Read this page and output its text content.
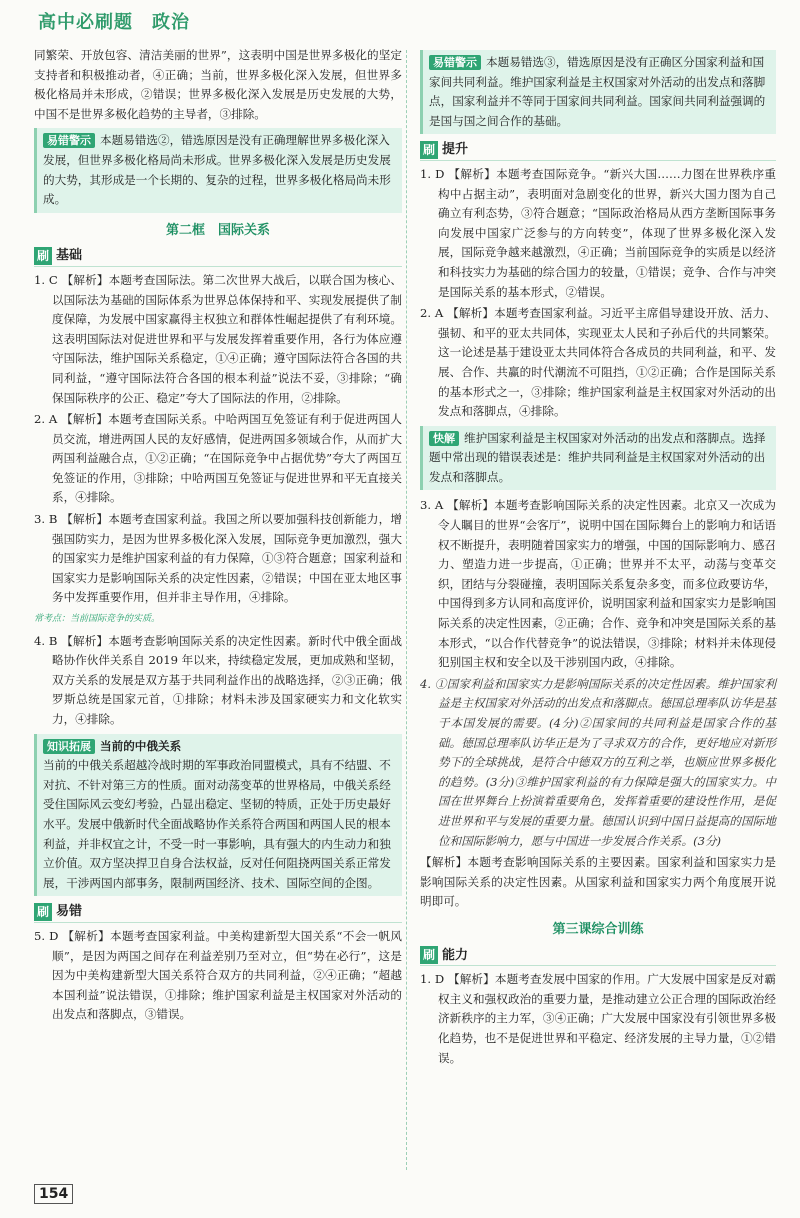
高中必刷题　政治

同繁荣、开放包容、清洁美丽的世界”，这表明中国是世界多极化的坚定支持者和积极推动者，④正确；当前，世界多极化深入发展，但世界多极化格局并未形成，②错误；世界多极化深入发展是历史发展的大势，中国不是世界多极化趋势的主导者，③排除。

易错警示 本题易错选②，错选原因是没有正确理解世界多极化深入发展，但世界多极化格局尚未形成。世界多极化深入发展是历史发展的大势，其形成是一个长期的、复杂的过程，世界多极化格局尚未形成。
第二框　国际关系
刷 基础

1. C 【解析】本题考查国际法。第二次世界大战后，以联合国为核心、以国际法为基础的国际体系为世界总体保持和平、实现发展提供了制度保障，为发展中国家赢得主权独立和群体性崛起提供了有利环境。这表明国际法对促进世界和平与发展发挥着重要作用，各行为体应遵守国际法，维护国际关系稳定，①④正确；遵守国际法符合各国的共同利益，“遵守国际法符合各国的根本利益”说法不妥，③排除；“确保国际秩序的公正、稳定”夸大了国际法的作用，②排除。

2. A 【解析】本题考查国际关系。中哈两国互免签证有利于促进两国人员交流，增进两国人民的友好感情，促进两国多领域合作，从而扩大两国利益融合点，①②正确；“在国际竞争中占据优势”夸大了两国互免签证的作用，③排除；中哈两国互免签证与促进世界和平无直接关系，④排除。

3. B 【解析】本题考查国家利益。我国之所以要加强科技创新能力，增强国防实力，是因为世界多极化深入发展，国际竞争更加激烈，强大的国家实力是维护国家利益的有力保障，①③符合题意；国家利益和国家实力是影响国际关系的决定性因素，②错误；中国在亚太地区事务中发挥重要作用，但并非主导作用，④排除。

常考点：当前国际竞争的实质。

4. B 【解析】本题考查影响国际关系的决定性因素。新时代中俄全面战略协作伙伴关系自 2019 年以来，持续稳定发展，更加成熟和坚韧，双方关系的发展是双方基于共同利益作出的战略选择，②③正确；俄罗斯总统是国家元首，①排除；材料未涉及国家硬实力和文化软实力，④排除。

知识拓展 当前的中俄关系
当前的中俄关系超越冷战时期的军事政治同盟模式，具有不结盟、不对抗、不针对第三方的性质。面对动荡变革的世界格局，中俄关系经受住国际风云变幻考验，凸显出稳定、坚韧的特质，正处于历史最好水平。发展中俄新时代全面战略协作关系符合两国和两国人民的根本利益，并非权宜之计，不受一时一事影响，具有强大的内生动力和独立价值。双方坚决捍卫自身合法权益，反对任何阻挠两国关系正常发展，干涉两国内部事务，限制两国经济、技术、国际空间的企图。
刷 易错

5. D 【解析】本题考查国家利益。中美构建新型大国关系“不会一帆风顺”，是因为两国之间存在利益差别乃至对立，但“势在必行”，这是因为中美构建新型大国关系符合双方的共同利益，②④正确；“超越本国利益”说法错误，①排除；维护国家利益是主权国家对外活动的出发点和落脚点，③错误。

易错警示 本题易错选③，错选原因是没有正确区分国家利益和国家间共同利益。维护国家利益是主权国家对外活动的出发点和落脚点，国家利益并不等同于国家间共同利益。国家间共同利益强调的是国与国之间合作的基础。
刷 提升

1. D 【解析】本题考查国际竞争。“新兴大国……力图在世界秩序重构中占据主动”，表明面对急剧变化的世界，新兴大国力图为自己确立有利态势，③符合题意；“国际政治格局从西方垄断国际事务向发展中国家广泛参与的方向转变”，体现了世界多极化深入发展，国际竞争越来越激烈，④正确；当前国际竞争的实质是以经济和科技实力为基础的综合国力的较量，①错误；竞争、合作与冲突是国际关系的基本形式，②错误。

2. A 【解析】本题考查国家利益。习近平主席倡导建设开放、活力、强韧、和平的亚太共同体，实现亚太人民和子孙后代的共同繁荣。这一论述是基于建设亚太共同体符合各成员的共同利益，和平、发展、合作、共赢的时代潮流不可阻挡，①②正确；合作是国际关系的基本形式之一，③排除；维护国家利益是主权国家对外活动的出发点和落脚点，④排除。

快解 维护国家利益是主权国家对外活动的出发点和落脚点。选择题中常出现的错误表述是：维护共同利益是主权国家对外活动的出发点和落脚点。

3. A 【解析】本题考查影响国际关系的决定性因素。北京又一次成为令人瞩目的世界“会客厅”，说明中国在国际舞台上的影响力和话语权不断提升，表明随着国家实力的增强，中国的国际影响力、感召力、塑造力进一步提高，①正确；世界并不太平，动荡与变革交织，团结与分裂碰撞，表明国际关系复杂多变，而多位政要访华，中国得到多方认同和高度评价，说明国家利益和国家实力是影响国际关系的决定性因素，②正确；合作、竞争和冲突是国际关系的基本形式，“以合作代替竞争”的说法错误，③排除；材料并未体现侵犯别国主权和安全以及干涉别国内政，④排除。

4. ①国家利益和国家实力是影响国际关系的决定性因素。维护国家利益是主权国家对外活动的出发点和落脚点。德国总理率队访华是基于本国发展的需要。(4分)②国家间的共同利益是国家合作的基础。德国总理率队访华正是为了寻求双方的合作，更好地应对新形势下的全球挑战，是符合中德双方的互利之举，也顺应世界多极化的趋势。(3分)③维护国家利益的有力保障是强大的国家实力。中国在世界舞台上扮演着重要角色，发挥着重要的建设性作用，是促进世界和平与发展的重要力量。德国认识到中国日益提高的国际地位和国际影响力，愿与中国进一步发展合作关系。(3分)

【解析】本题考查影响国际关系的主要因素。国家利益和国家实力是影响国际关系的决定性因素。从国家利益和国家实力两个角度展开说明即可。

第三课综合训练
刷 能力

1. D 【解析】本题考查发展中国家的作用。广大发展中国家是反对霸权主义和强权政治的重要力量，是推动建立公正合理的国际政治经济新秩序的主力军，③④正确；广大发展中国家没有引领世界多极化趋势，也不是促进世界和平稳定、经济发展的主导力量，①②错误。

154
